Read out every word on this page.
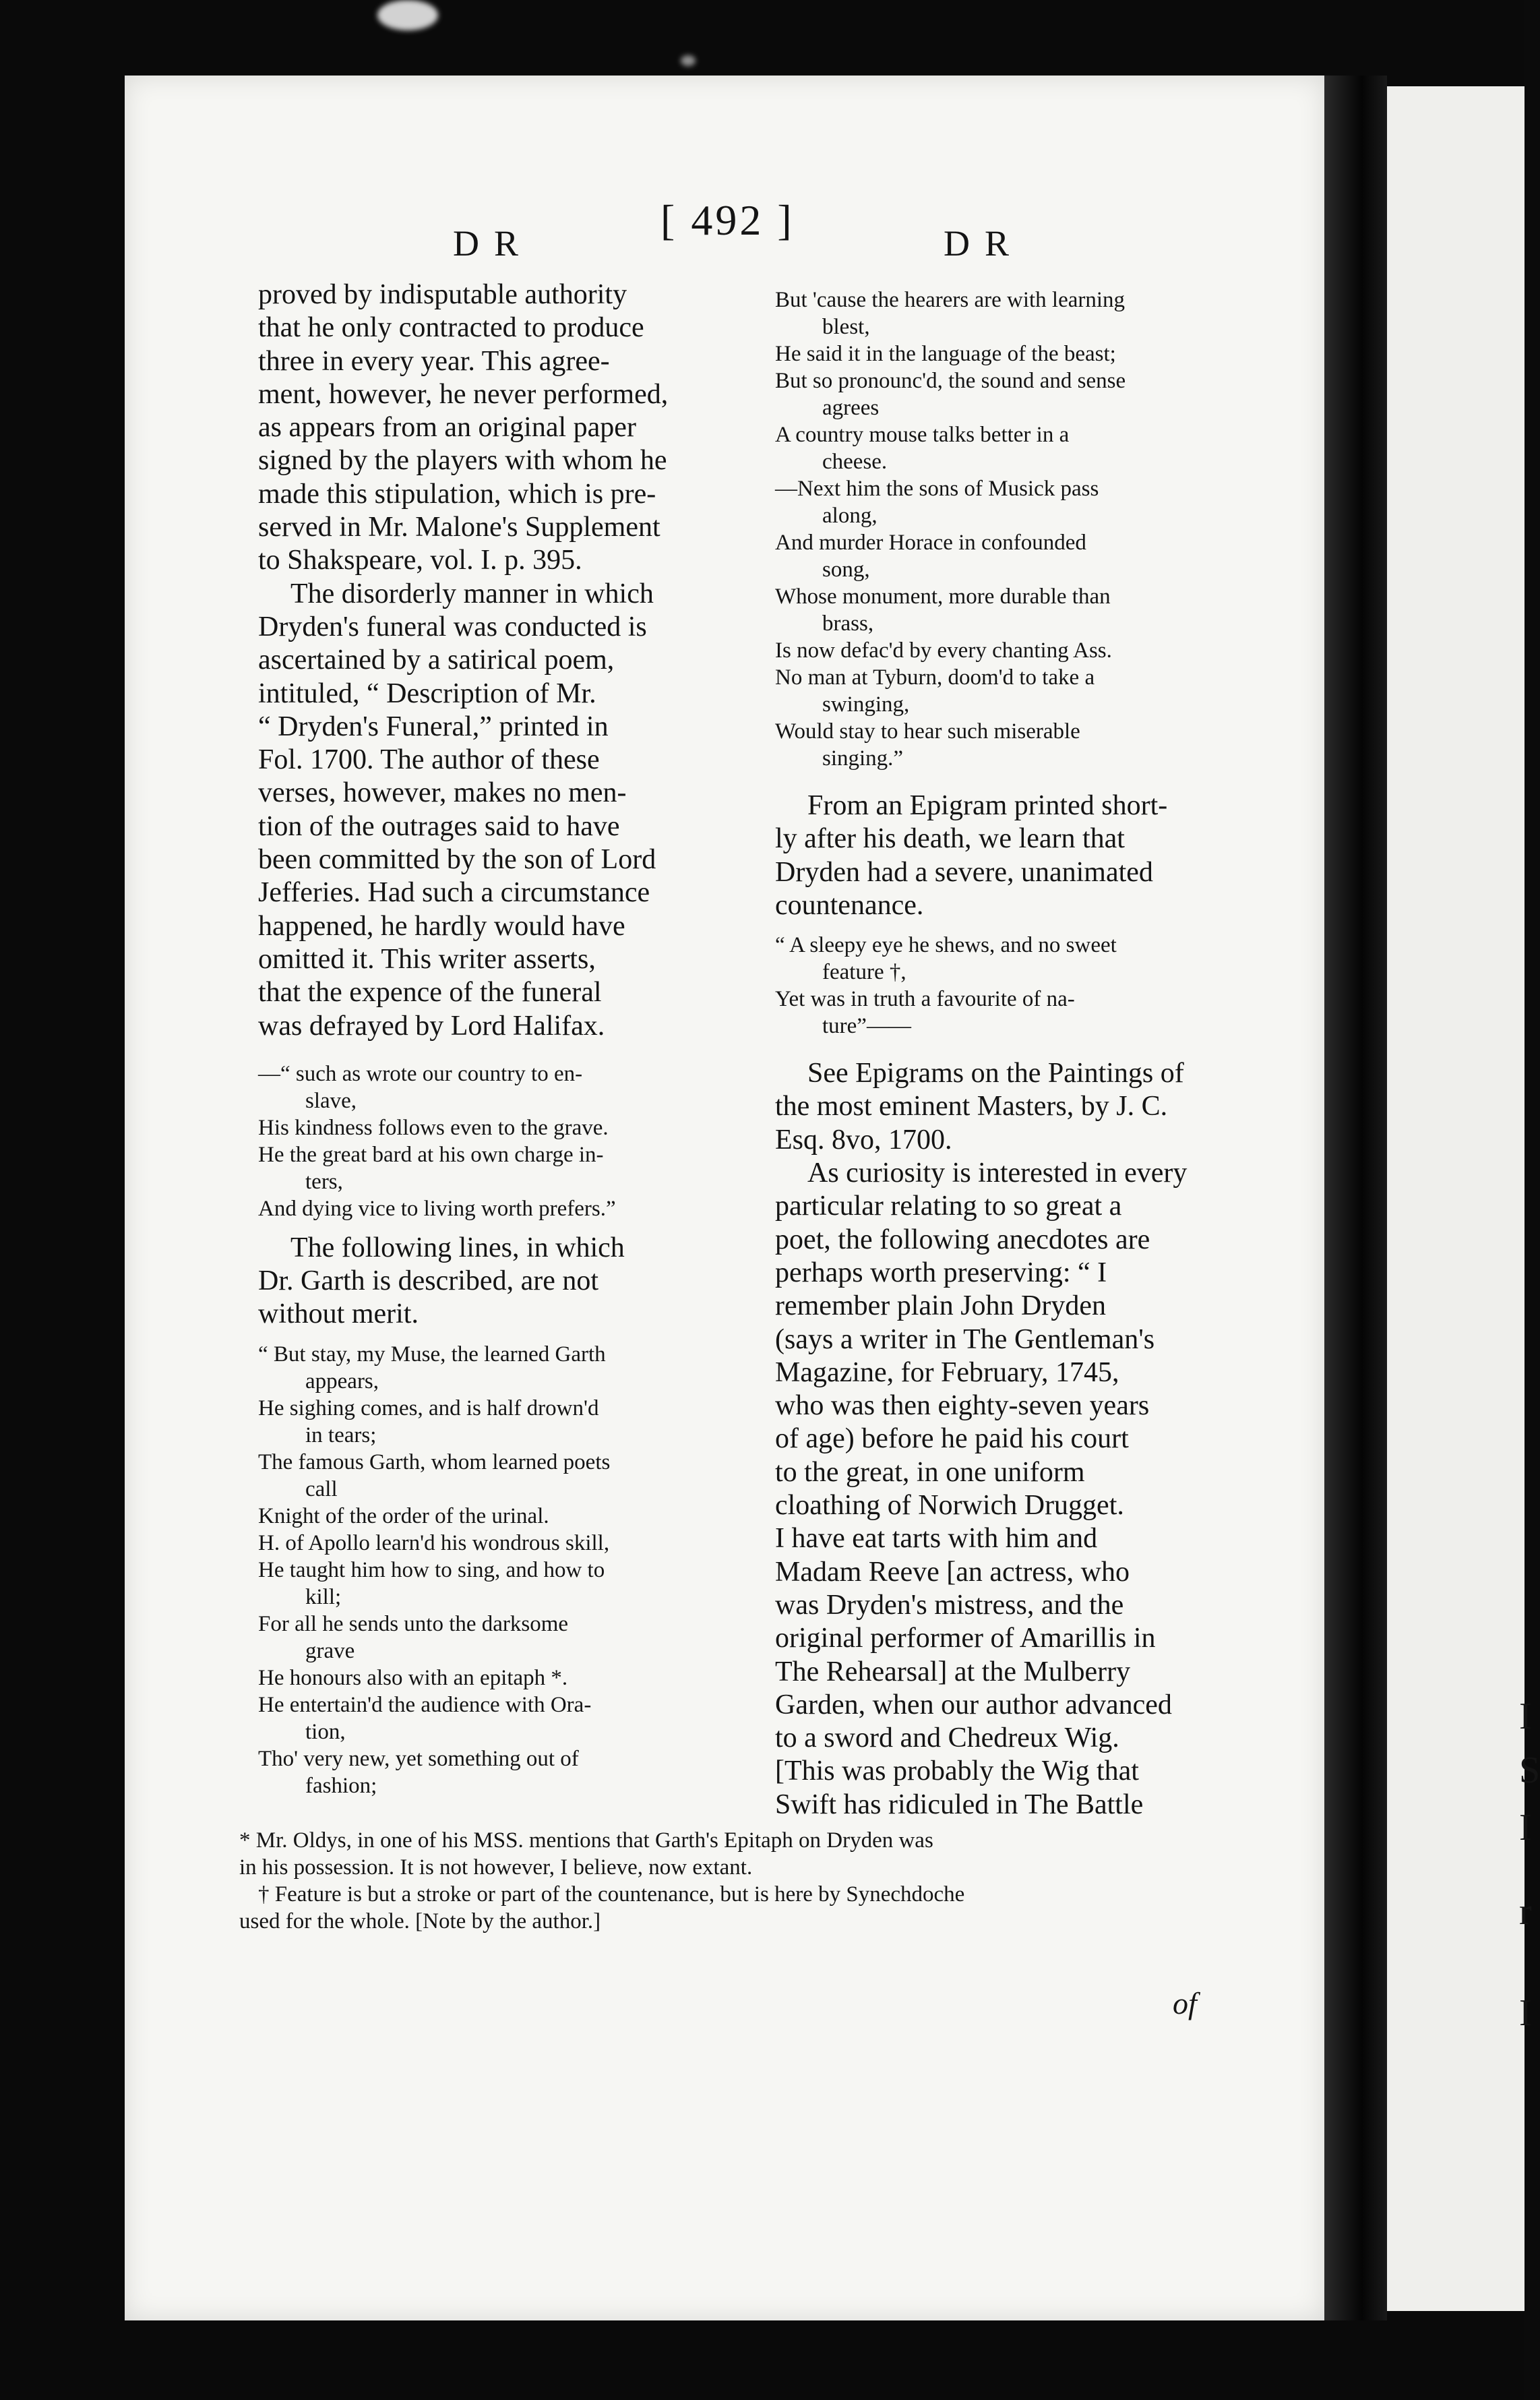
I
S
I
r
I
[ 492 ]
DR	DR
proved by indisputable authority
that he only contracted to produce
three in every year. This agree-
ment, however, he never performed,
as appears from an original paper
signed by the players with whom he
made this stipulation, which is pre-
served in Mr. Malone's Supplement
to Shakspeare, vol. I. p. 395.
The disorderly manner in which
Dryden's funeral was conducted is
ascertained by a satirical poem,
intituled, “ Description of Mr.
“ Dryden's Funeral,” printed in
Fol. 1700. The author of these
verses, however, makes no men-
tion of the outrages said to have
been committed by the son of Lord
Jefferies. Had such a circumstance
happened, he hardly would have
omitted it. This writer asserts,
that the expence of the funeral
was defrayed by Lord Halifax.
—“ such as wrote our country to en-
slave,
His kindness follows even to the grave.
He the great bard at his own charge in-
ters,
And dying vice to living worth prefers.”
The following lines, in which
Dr. Garth is described, are not
without merit.
“ But stay, my Muse, the learned Garth
appears,
He sighing comes, and is half drown'd
in tears;
The famous Garth, whom learned poets
call
Knight of the order of the urinal.
H. of Apollo learn'd his wondrous skill,
He taught him how to sing, and how to
kill;
For all he sends unto the darksome
grave
He honours also with an epitaph *.
He entertain'd the audience with Ora-
tion,
Tho' very new, yet something out of
fashion;
But 'cause the hearers are with learning
blest,
He said it in the language of the beast;
But so pronounc'd, the sound and sense
agrees
A country mouse talks better in a
cheese.
—Next him the sons of Musick pass
along,
And murder Horace in confounded
song,
Whose monument, more durable than
brass,
Is now defac'd by every chanting Ass.
No man at Tyburn, doom'd to take a
swinging,
Would stay to hear such miserable
singing.”
From an Epigram printed short-
ly after his death, we learn that
Dryden had a severe, unanimated
countenance.
“ A sleepy eye he shews, and no sweet
feature †,
Yet was in truth a favourite of na-
ture”——
See Epigrams on the Paintings of
the most eminent Masters, by J. C.
Esq. 8vo, 1700.
As curiosity is interested in every
particular relating to so great a
poet, the following anecdotes are
perhaps worth preserving: “ I
remember plain John Dryden
(says a writer in The Gentleman's
Magazine, for February, 1745,
who was then eighty-seven years
of age) before he paid his court
to the great, in one uniform
cloathing of Norwich Drugget.
I have eat tarts with him and
Madam Reeve [an actress, who
was Dryden's mistress, and the
original performer of Amarillis in
The Rehearsal] at the Mulberry
Garden, when our author advanced
to a sword and Chedreux Wig.
[This was probably the Wig that
Swift has ridiculed in The Battle
* Mr. Oldys, in one of his MSS. mentions that Garth's Epitaph on Dryden was
in his possession. It is not however, I believe, now extant.
† Feature is but a stroke or part of the countenance, but is here by Synechdoche
used for the whole. [Note by the author.]
of
